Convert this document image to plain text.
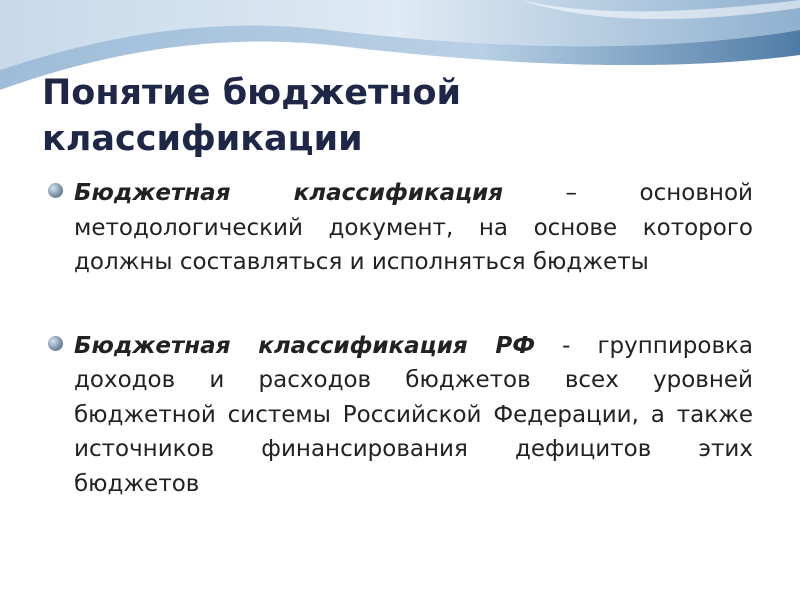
Понятие бюджетной классификации
Бюджетная классификация – основной методологический документ, на основе которого должны составляться и исполняться бюджеты
Бюджетная классификация РФ - группировка доходов и расходов бюджетов всех уровней бюджетной системы Российской Федерации, а также источников финансирования дефицитов этих бюджетов
